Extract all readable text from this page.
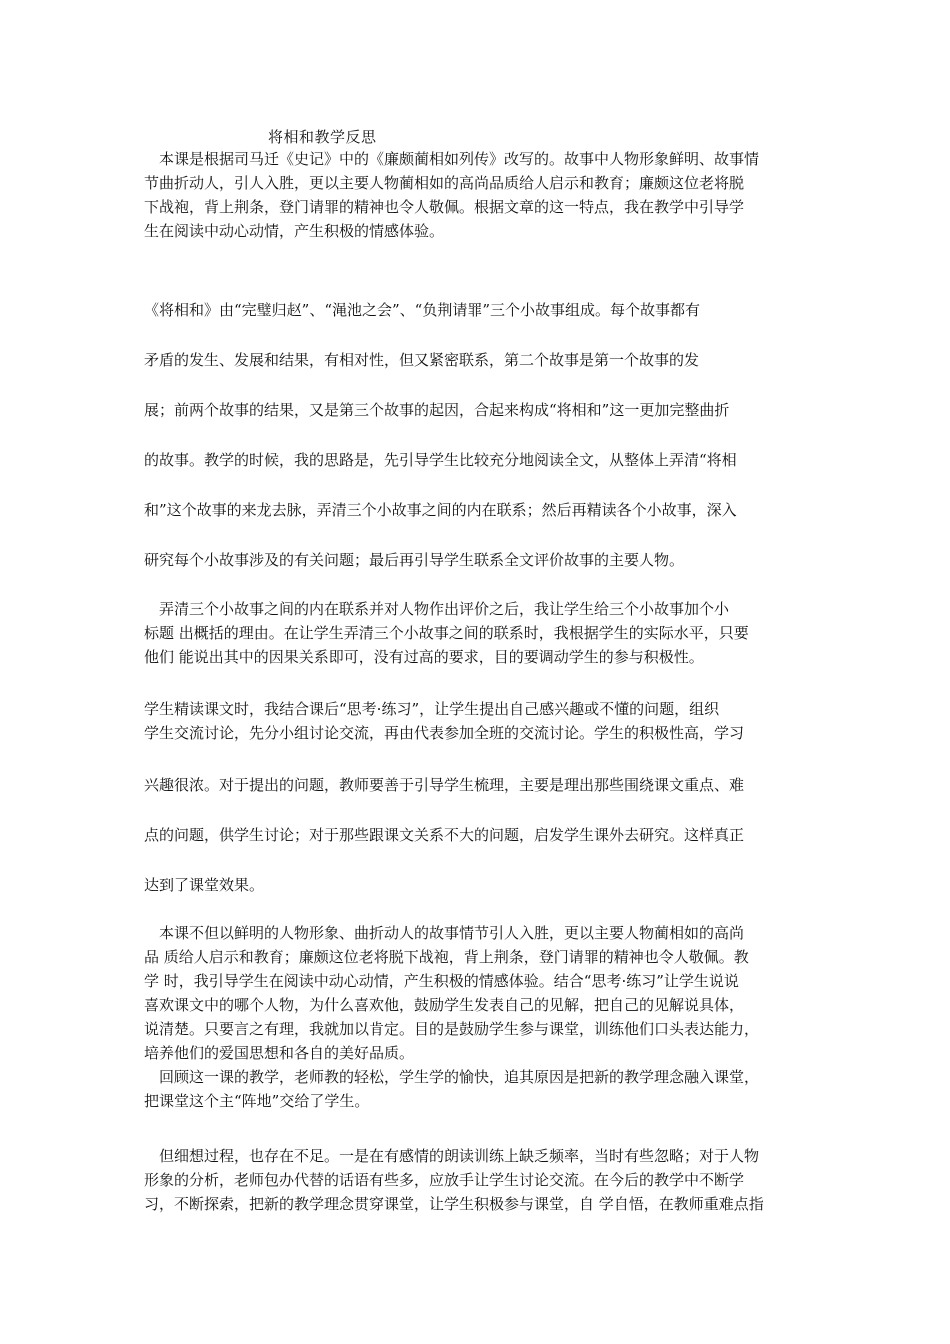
将相和教学反思
　本课是根据司马迁《史记》中的《廉颇蔺相如列传》改写的。故事中人物形象鲜明、故事情
节曲折动人，引人入胜，更以主要人物蔺相如的高尚品质给人启示和教育；廉颇这位老将脱
下战袍，背上荆条，登门请罪的精神也令人敬佩。根据文章的这一特点，我在教学中引导学
生在阅读中动心动情，产生积极的情感体验。
《将相和》由“完璧归赵”、“渑池之会”、“负荆请罪”三个小故事组成。每个故事都有
矛盾的发生、发展和结果，有相对性，但又紧密联系，第二个故事是第一个故事的发
展；前两个故事的结果，又是第三个故事的起因，合起来构成“将相和”这一更加完整曲折
的故事。教学的时候，我的思路是，先引导学生比较充分地阅读全文，从整体上弄清“将相
和”这个故事的来龙去脉，弄清三个小故事之间的内在联系；然后再精读各个小故事，深入
研究每个小故事涉及的有关问题；最后再引导学生联系全文评价故事的主要人物。
　弄清三个小故事之间的内在联系并对人物作出评价之后，我让学生给三个小故事加个小
标题 出概括的理由。在让学生弄清三个小故事之间的联系时，我根据学生的实际水平，只要
他们 能说出其中的因果关系即可，没有过高的要求，目的要调动学生的参与积极性。
学生精读课文时，我结合课后“思考·练习”，让学生提出自己感兴趣或不懂的问题，组织
学生交流讨论，先分小组讨论交流，再由代表参加全班的交流讨论。学生的积极性高，学习
兴趣很浓。对于提出的问题，教师要善于引导学生梳理，主要是理出那些围绕课文重点、难
点的问题，供学生讨论；对于那些跟课文关系不大的问题，启发学生课外去研究。这样真正
达到了课堂效果。
　本课不但以鲜明的人物形象、曲折动人的故事情节引人入胜，更以主要人物蔺相如的高尚
品 质给人启示和教育；廉颇这位老将脱下战袍，背上荆条，登门请罪的精神也令人敬佩。教
学 时，我引导学生在阅读中动心动情，产生积极的情感体验。结合“思考·练习”让学生说说
喜欢课文中的哪个人物，为什么喜欢他，鼓励学生发表自己的见解，把自己的见解说具体，
说清楚。只要言之有理，我就加以肯定。目的是鼓励学生参与课堂，训练他们口头表达能力，
培养他们的爱国思想和各自的美好品质。
　回顾这一课的教学，老师教的轻松，学生学的愉快，追其原因是把新的教学理念融入课堂，
把课堂这个主“阵地”交给了学生。
　但细想过程，也存在不足。一是在有感情的朗读训练上缺乏频率，当时有些忽略；对于人物
形象的分析，老师包办代替的话语有些多，应放手让学生讨论交流。在今后的教学中不断学
习，不断探索，把新的教学理念贯穿课堂，让学生积极参与课堂，自 学自悟，在教师重难点指
